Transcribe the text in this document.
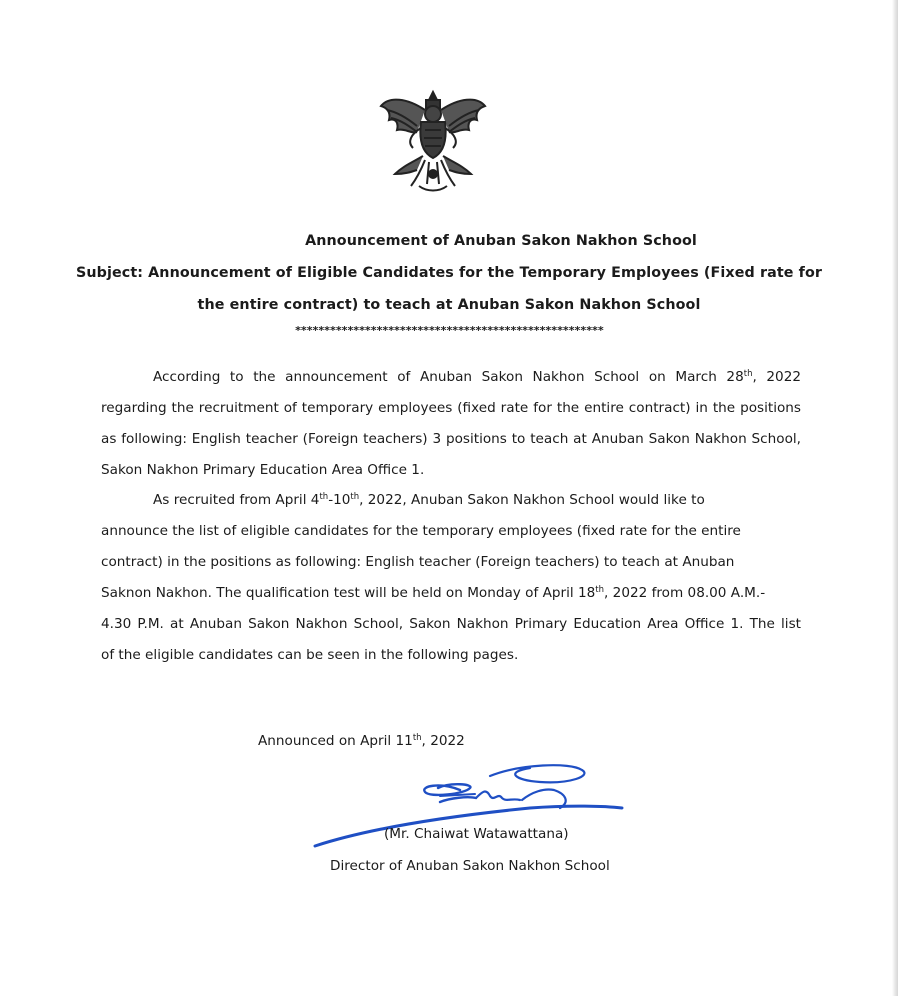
Announcement of Anuban Sakon Nakhon School
Subject: Announcement of Eligible Candidates for the Temporary Employees (Fixed rate for
the entire contract) to teach at Anuban Sakon Nakhon School
*****************************************************
According to the announcement of Anuban Sakon Nakhon School on March 28th, 2022
regarding the recruitment of temporary employees (fixed rate for the entire contract) in the positions
as following: English teacher (Foreign teachers) 3 positions to teach at Anuban Sakon Nakhon School,
Sakon Nakhon Primary Education Area Office 1.
As recruited from April 4th-10th, 2022, Anuban Sakon Nakhon School would like to
announce the list of eligible candidates for the temporary employees (fixed rate for the entire
contract) in the positions as following: English teacher (Foreign teachers) to teach at Anuban
Saknon Nakhon. The qualification test will be held on Monday of April 18th, 2022 from 08.00 A.M.-
4.30 P.M. at Anuban Sakon Nakhon School, Sakon Nakhon Primary Education Area Office 1. The list
of the eligible candidates can be seen in the following pages.
Announced on April 11th, 2022
(Mr. Chaiwat Watawattana)
Director of Anuban Sakon Nakhon School
